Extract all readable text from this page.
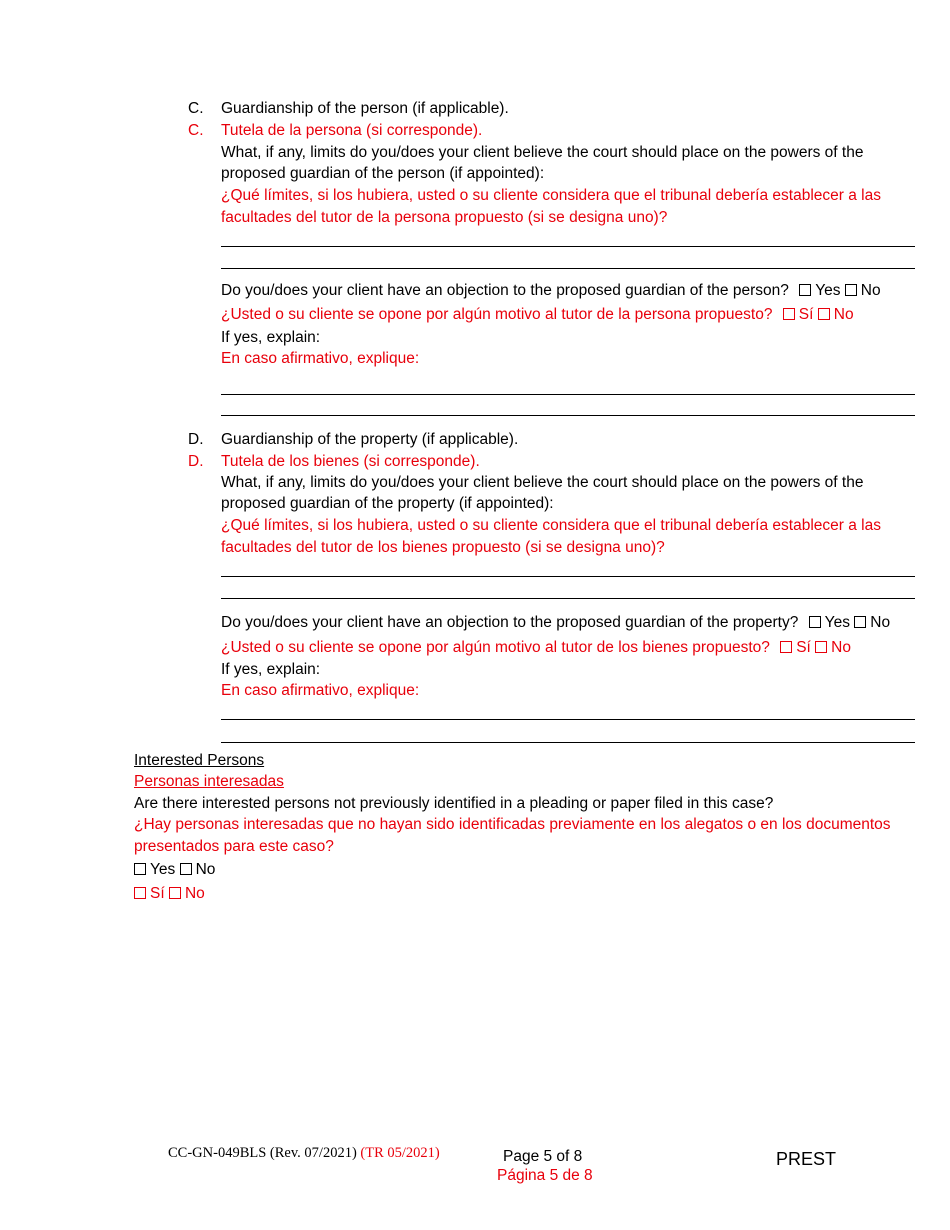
C. Guardianship of the person (if applicable).
C. Tutela de la persona (si corresponde).
What, if any, limits do you/does your client believe the court should place on the powers of the
proposed guardian of the person (if appointed):
¿Qué límites, si los hubiera, usted o su cliente considera que el tribunal debería establecer a las
facultades del tutor de la persona propuesto (si se designa uno)?
Do you/does your client have an objection to the proposed guardian of the person? Yes No
¿Usted o su cliente se opone por algún motivo al tutor de la persona propuesto? Sí No
If yes, explain:
En caso afirmativo, explique:
D. Guardianship of the property (if applicable).
D. Tutela de los bienes (si corresponde).
What, if any, limits do you/does your client believe the court should place on the powers of the
proposed guardian of the property (if appointed):
¿Qué límites, si los hubiera, usted o su cliente considera que el tribunal debería establecer a las
facultades del tutor de los bienes propuesto (si se designa uno)?
Do you/does your client have an objection to the proposed guardian of the property? Yes No
¿Usted o su cliente se opone por algún motivo al tutor de los bienes propuesto? Sí No
If yes, explain:
En caso afirmativo, explique:
Interested Persons
Personas interesadas
Are there interested persons not previously identified in a pleading or paper filed in this case?
¿Hay personas interesadas que no hayan sido identificadas previamente en los alegatos o en los documentos
presentados para este caso?
Yes No
Sí No
CC-GN-049BLS (Rev. 07/2021) (TR 05/2021)	Page 5 of 8
Página 5 de 8
PREST
